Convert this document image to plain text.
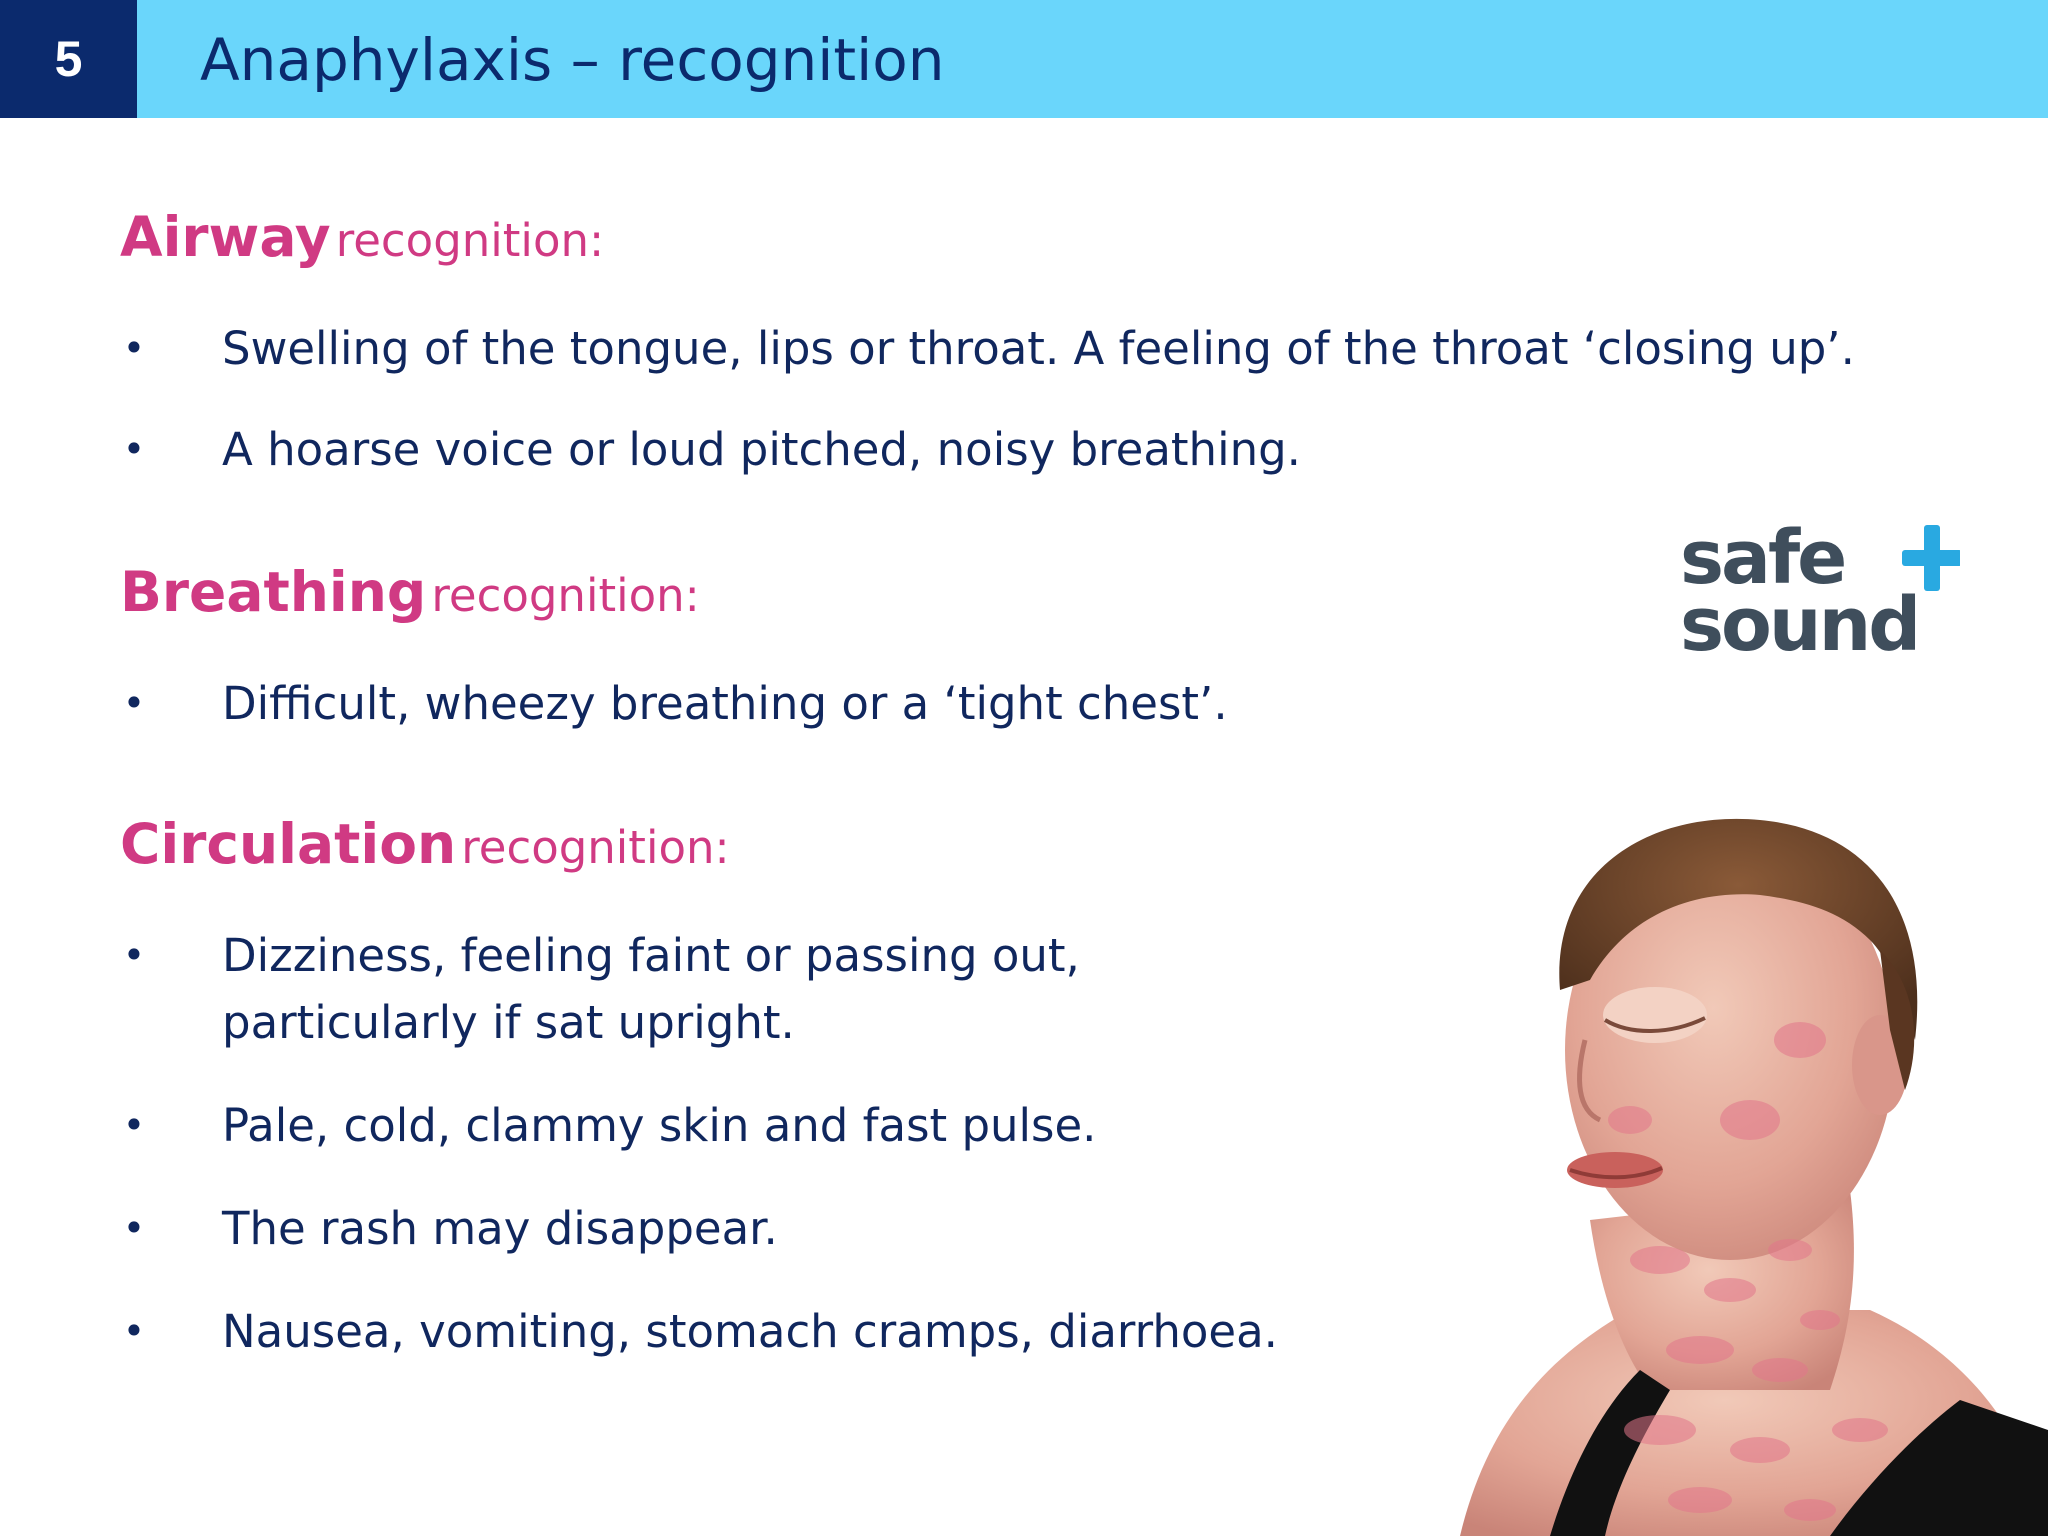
5	Anaphylaxis – recognition
Airway recognition:
• Swelling of the tongue, lips or throat. A feeling of the throat ‘closing up’.
• A hoarse voice or loud pitched, noisy breathing.
Breathing recognition:
• Difficult, wheezy breathing or a ‘tight chest’.
Circulation recognition:
• Dizziness, feeling faint or passing out,
particularly if sat upright.
• Pale, cold, clammy skin and fast pulse.
• The rash may disappear.
• Nausea, vomiting, stomach cramps, diarrhoea.
safe
sound
